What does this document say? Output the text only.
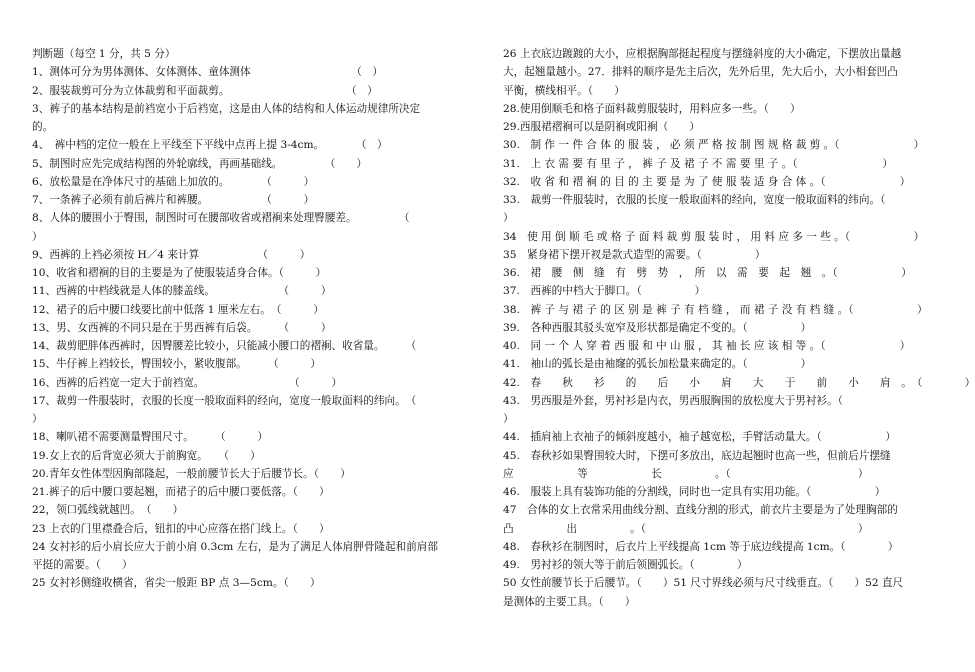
判断题（每空 1 分，共 5 分）
1、测体可分为男体测体、女体测体、童体测体　　　　　　　　　　（　）
2、服装裁剪可分为立体裁剪和平面裁剪。　　　　　　　　　　　　（　）
3、裤子的基本结构是前裆宽小于后裆宽，这是由人体的结构和人体运动规律所决定
的。
4、　裤中档的定位一般在上平线至下平线中点再上提 3-4cm。　　　　（　）
5、制图时应先完成结构图的外轮廓线，再画基础线。　　　　　（　　）
6、放松量是在净体尺寸的基础上加放的。　　　　（　　　）
7、一条裤子必须有前后裤片和裤腰。　　　　　　（　　　）
8、人体的腰围小于臀围，制图时可在腰部收省或褶裥来处理臀腰差。　　　　　（
）
9、西裤的上裆必须按 H／4 来计算　　　　　　（　　　）
10、收省和褶裥的目的主要是为了使服装适身合体。（　　　）
11、西裤的中档线就是人体的膝盖线。　　　　　　　（　　　）
12、裙子的后中腰口线要比前中低落 1 厘米左右。　（　　　）
13、男、女西裤的不同只是在于男西裤有后袋。　　　（　　　）
14、裁剪肥胖体西裤时，因臀腰差比较小，只能减小腰口的褶裥、收省量。　　　（
15、牛仔裤上裆较长，臀围较小，紧收腹部。　　　（　　　）
16、西裤的后裆宽一定大于前裆宽。　　　　　　　　　（　　　）
17、裁剪一件服装时，衣服的长度一般取面料的经向，宽度一般取面料的纬向。　（
）
18、喇叭裙不需要测量臀围尺寸。　　　（　　　）
19.女上衣的后背宽必须大于前胸宽。　　（　　）
20.青年女性体型因胸部隆起，一般前腰节长大于后腰节长。（　　）
21.裤子的后中腰口要起翘，而裙子的后中腰口要低落。（　　）
22，领口弧线就越凹。　（　　）
23 上衣的门里襟叠合后，钮扣的中心应落在搭门线上。（　　）
24 女衬衫的后小肩长应大于前小肩 0.3cm 左右，是为了满足人体肩胛骨隆起和前肩部
平挺的需要。（　　）
25 女衬衫侧缝收横省，省尖一般距 BP 点 3—5cm。（　　）
26 上衣底边踱踱的大小，应根据胸部挺起程度与摆缝斜度的大小确定，下摆放出量越
大，起翘量越小。27．排料的顺序是先主后次，先外后里，先大后小，大小相套凹凸
平衡，横线相平。（　　）
28.使用倒顺毛和格子面料裁剪服装时，用料应多一些。（　　）
29.西服裙褶裥可以是阴裥或阳裥（　　）
30.　制 作 一 件 合 体 的 服 装 ， 必 须 严 格 按 制 图 规 格 裁 剪 。（　　　　　　　）
31.　上 衣 需 要 有 里 子 ， 裤 子 及 裙 子 不 需 要 里 子 。（　　　　　　　　）
32.　收 省 和 褶 裥 的 目 的 主 要 是 为 了 使 服 装 适 身 合 体 。（　　　　　　　）
33.　裁剪一件服装时，衣服的长度一般取面料的经向，宽度一般取面料的纬向。（
）
34　使 用 倒 顺 毛 或 格 子 面 料 裁 剪 服 装 时 ， 用 料 应 多 一 些 。（　　　　　　）
35　紧身裙下摆开衩是款式造型的需要。（　　　　　）
36.　裙　腰　侧　缝　有　劈　势　，　所　以　需　要　起　翘　。（　　　　　　）
37.　西裤的中档大于脚口。（　　　　　）
38.　裤 子 与 裙 子 的 区 别 是 裤 子 有 档 缝 ， 而 裙 子 没 有 档 缝 。（　　　　　　）
39.　各种西服其驳头宽窄及形状都是确定不变的。（　　　　　）
40.　同 一 个 人 穿 着 西 服 和 中 山 服 ， 其 袖 长 应 该 相 等 。（　　　　　　　）
41.　袖山的弧长是由袖窿的弧长加松量来确定的。（　　　　　）
42.　春　　秋　　衫　　的　　后　　小　　肩　　大　　于　　前　　小　　肩　。　（　　　　）
43.　男西服是外套，男衬衫是内衣，男西服胸围的放松度大于男衬衫。（
）
44.　插肩袖上衣袖子的倾斜度越小，袖子越宽松，手臂活动量大。（　　　　　　）
45.　春秋衫如果臀围较大时，下摆可多放出，底边起翘时也高一些，但前后片摆缝
应　　　　　　等　　　　　　长　　　　　。（　　　　　　　　　　　　）
46.　服装上具有装饰功能的分割线，同时也一定具有实用功能。（　　　　　　）
47　合体的女上衣常采用曲线分割、直线分割的形式，前衣片主要是为了处理胸部的
凸　　　　　出　　　　　。（　　　　　　　　　　　　　　　　　　　　）
48.　春秋衫在制图时，后衣片上平线提高 1cm 等于底边线提高 1cm。（　　　　）
49.　男衬衫的领大等于前后领圈弧长。（　　　　）
50 女性前腰节长于后腰节。（　　）51 尺寸界线必须与尺寸线垂直。（　　）52 直尺
是测体的主要工具。（　　）
